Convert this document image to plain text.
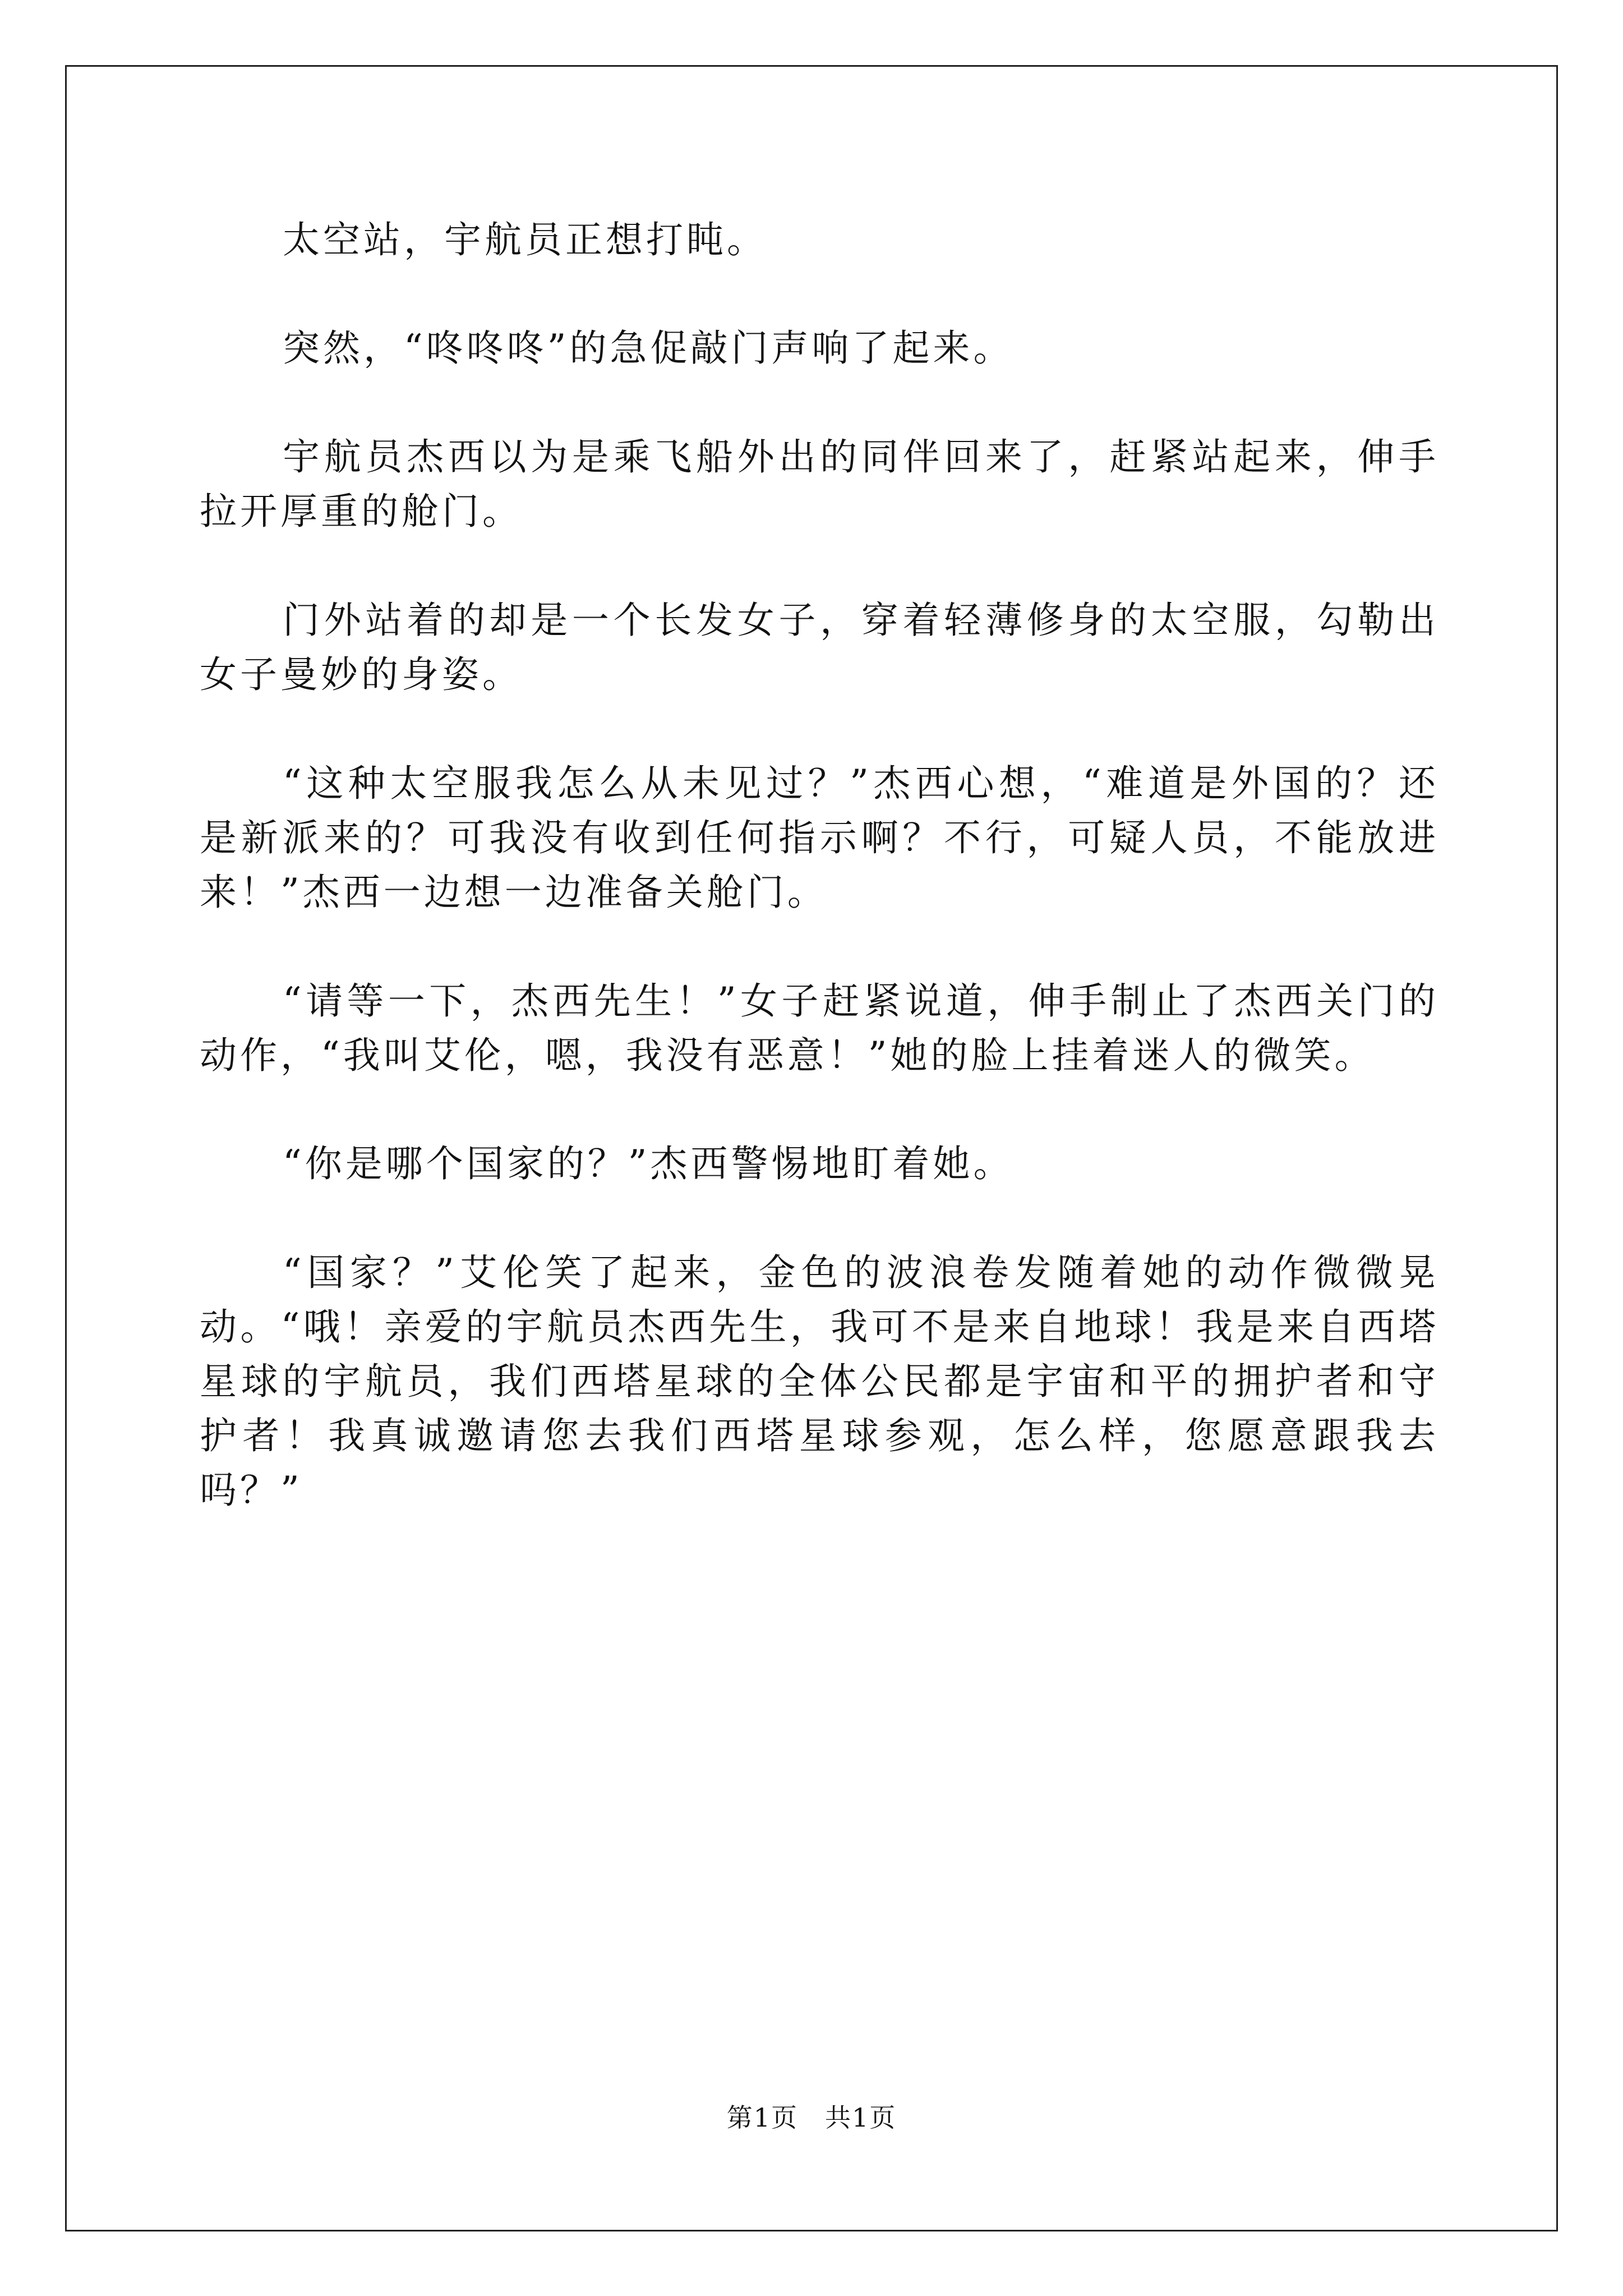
太空站，宇航员正想打盹。

突然，“咚咚咚”的急促敲门声响了起来。

宇航员杰西以为是乘飞船外出的同伴回来了，赶紧站起来，伸手拉开厚重的舱门。

门外站着的却是一个长发女子，穿着轻薄修身的太空服，勾勒出女子曼妙的身姿。

“这种太空服我怎么从未见过？”杰西心想，“难道是外国的？还是新派来的？可我没有收到任何指示啊？不行，可疑人员，不能放进来！”杰西一边想一边准备关舱门。

“请等一下，杰西先生！”女子赶紧说道，伸手制止了杰西关门的动作，“我叫艾伦，嗯，我没有恶意！”她的脸上挂着迷人的微笑。

“你是哪个国家的？”杰西警惕地盯着她。

“国家？”艾伦笑了起来，金色的波浪卷发随着她的动作微微晃动。“哦！亲爱的宇航员杰西先生，我可不是来自地球！我是来自西塔星球的宇航员，我们西塔星球的全体公民都是宇宙和平的拥护者和守护者！我真诚邀请您去我们西塔星球参观，怎么样，您愿意跟我去吗？”

第1页　共1页
